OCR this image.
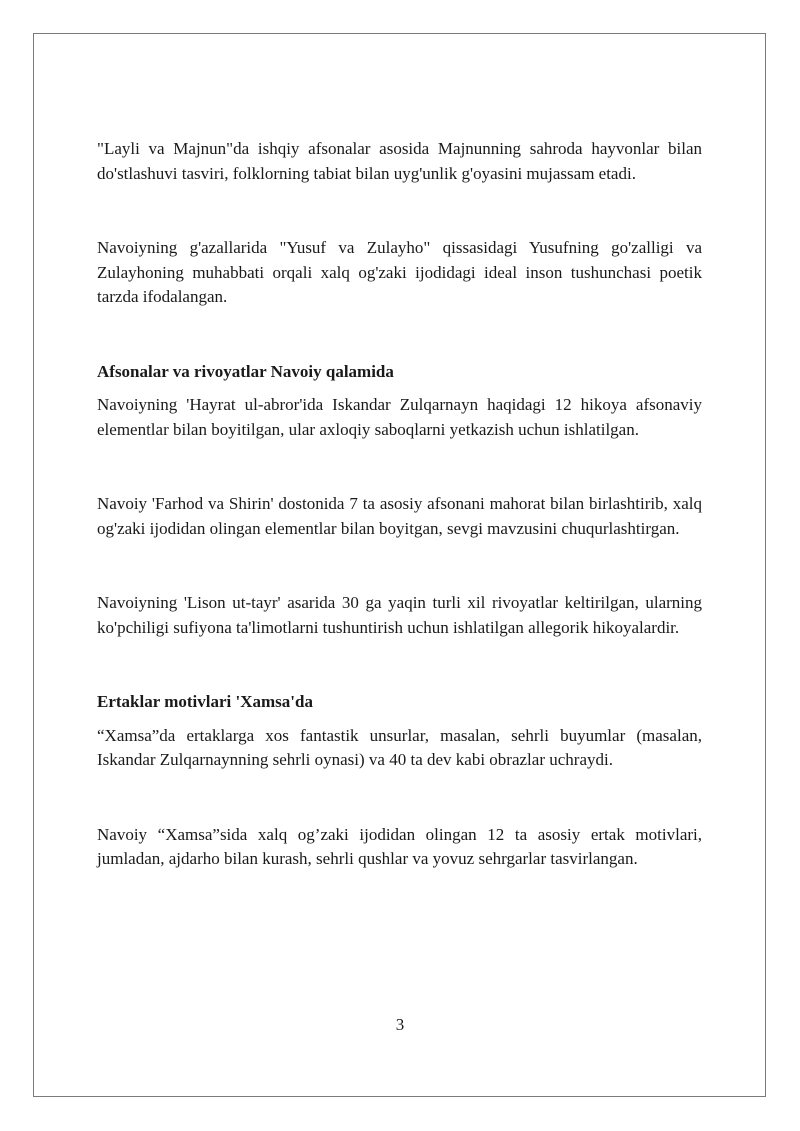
"Layli va Majnun"da ishqiy afsonalar asosida Majnunning sahroda hayvonlar bilan do'stlashuvi tasviri, folklorning tabiat bilan uyg'unlik g'oyasini mujassam etadi.

Navoiyning g'azallarida "Yusuf va Zulayho" qissasidagi Yusufning go'zalligi va Zulayhoning muhabbati orqali xalq og'zaki ijodidagi ideal inson tushunchasi poetik tarzda ifodalangan.

Afsonalar va rivoyatlar Navoiy qalamida

Navoiyning 'Hayrat ul-abror'ida Iskandar Zulqarnayn haqidagi 12 hikoya afsonaviy elementlar bilan boyitilgan, ular axloqiy saboqlarni yetkazish uchun ishlatilgan.

Navoiy 'Farhod va Shirin' dostonida 7 ta asosiy afsonani mahorat bilan birlashtirib, xalq og'zaki ijodidan olingan elementlar bilan boyitgan, sevgi mavzusini chuqurlashtirgan.

Navoiyning 'Lison ut-tayr' asarida 30 ga yaqin turli xil rivoyatlar keltirilgan, ularning ko'pchiligi sufiyona ta'limotlarni tushuntirish uchun ishlatilgan allegorik hikoyalardir.

Ertaklar motivlari 'Xamsa'da

“Xamsa”da ertaklarga xos fantastik unsurlar, masalan, sehrli buyumlar (masalan, Iskandar Zulqarnaynning sehrli oynasi) va 40 ta dev kabi obrazlar uchraydi.

Navoiy “Xamsa”sida xalq og’zaki ijodidan olingan 12 ta asosiy ertak motivlari, jumladan, ajdarho bilan kurash, sehrli qushlar va yovuz sehrgarlar tasvirlangan.

3
